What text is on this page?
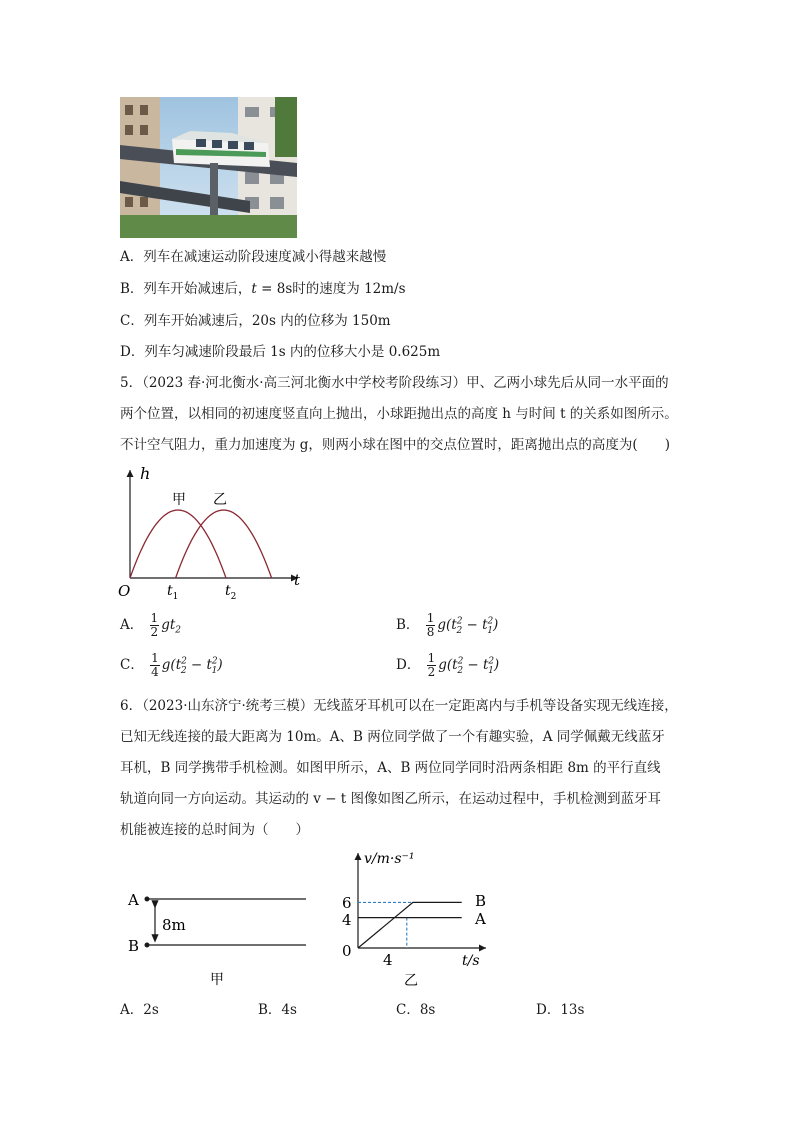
A．列车在减速运动阶段速度减小得越来越慢
B．列车开始减速后，t = 8s时的速度为 12m/s
C．列车开始减速后，20s 内的位移为 150m
D．列车匀减速阶段最后 1s 内的位移大小是 0.625m
5．（2023 春·河北衡水·高三河北衡水中学校考阶段练习）甲、乙两小球先后从同一水平面的
两个位置，以相同的初速度竖直向上抛出，小球距抛出点的高度 h 与时间 t 的关系如图所示。
不计空气阻力，重力加速度为 g，则两小球在图中的交点位置时，距离抛出点的高度为(　　)
h
t
O
甲 乙
$t_1$	$t_2$
A． $\frac{1}{2} gt_2$	B． $\frac{1}{8} g(t^2_2 - t^2_1)$
C． $\frac{1}{4} g(t^2_2 - t^2_1)$	D． $\frac{1}{2} g(t^2_2 - t^2_1)$
6．（2023·山东济宁·统考三模）无线蓝牙耳机可以在一定距离内与手机等设备实现无线连接，
已知无线连接的最大距离为 10m。A、B 两位同学做了一个有趣实验，A 同学佩戴无线蓝牙
耳机，B 同学携带手机检测。如图甲所示，A、B 两位同学同时沿两条相距 8m 的平行直线
轨道向同一方向运动。其运动的 v − t 图像如图乙所示，在运动过程中，手机检测到蓝牙耳
机能被连接的总时间为（　　）
A
B
8m
甲
v/m·s⁻¹
t/s
0
6
4
4
A
B
乙
A．2s	B．4s	C．8s	D．13s
